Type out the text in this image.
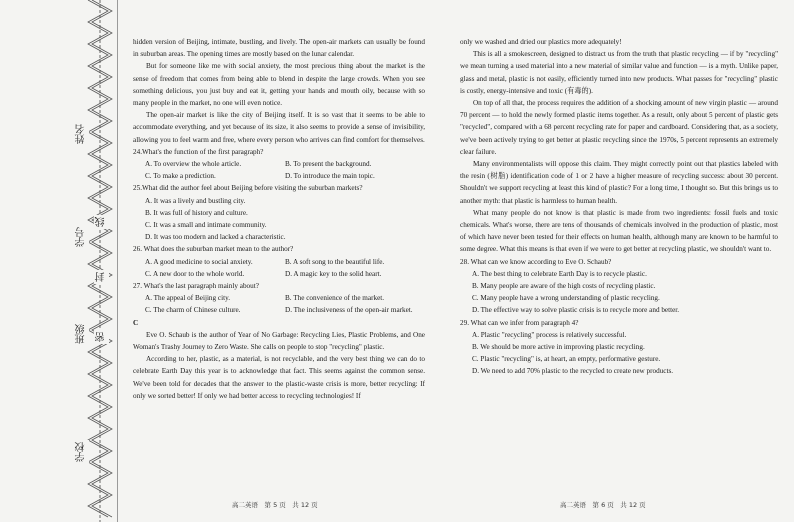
姓名
学号
班级
学校
线
封
密

hidden version of Beijing, intimate, bustling, and lively. The open-air markets can usually be found in suburban areas. The opening times are mostly based on the lunar calendar.

But for someone like me with social anxiety, the most precious thing about the market is the sense of freedom that comes from being able to blend in despite the large crowds. When you see something delicious, you just buy and eat it, getting your hands and mouth oily, because with so many people in the market, no one will even notice.

The open-air market is like the city of Beijing itself. It is so vast that it seems to be able to accommodate everything, and yet because of its size, it also seems to provide a sense of invisibility, allowing you to feel warm and free, where every person who arrives can find comfort for themselves.

24.What's the function of the first paragraph?

A. To overview the whole article.	B. To present the background.
C. To make a prediction.	D. To introduce the main topic.

25.What did the author feel about Beijing before visiting the suburban markets?

A. It was a lively and bustling city.

B. It was full of history and culture.

C. It was a small and intimate community.

D. It was too modern and lacked a characteristic.

26. What does the suburban market mean to the author?

A. A good medicine to social anxiety.	B. A soft song to the beautiful life.
C. A new door to the whole world.	D. A magic key to the solid heart.

27. What's the last paragraph mainly about?

A. The appeal of Beijing city.	B. The convenience of the market.
C. The charm of Chinese culture.	D. The inclusiveness of the open-air market.

C

Eve O. Schaub is the author of Year of No Garbage: Recycling Lies, Plastic Problems, and One Woman's Trashy Journey to Zero Waste. She calls on people to stop "recycling" plastic.

According to her, plastic, as a material, is not recyclable, and the very best thing we can do to celebrate Earth Day this year is to acknowledge that fact. This seems against the common sense. We've been told for decades that the answer to the plastic-waste crisis is more, better recycling: If only we sorted better! If only we had better access to recycling technologies! If

only we washed and dried our plastics more adequately!

This is all a smokescreen, designed to distract us from the truth that plastic recycling — if by "recycling" we mean turning a used material into a new material of similar value and function — is a myth. Unlike paper, glass and metal, plastic is not easily, efficiently turned into new products. What passes for "recycling" plastic is costly, energy-intensive and toxic (有毒的).

On top of all that, the process requires the addition of a shocking amount of new virgin plastic — around 70 percent — to hold the newly formed plastic items together. As a result, only about 5 percent of plastic gets "recycled", compared with a 68 percent recycling rate for paper and cardboard. Considering that, as a society, we've been actively trying to get better at plastic recycling since the 1970s, 5 percent represents an extremely clear failure.

Many environmentalists will oppose this claim. They might correctly point out that plastics labeled with the resin (树脂) identification code of 1 or 2 have a higher measure of recycling success: about 30 percent. Shouldn't we support recycling at least this kind of plastic? For a long time, I thought so. But this brings us to another myth: that plastic is harmless to human health.

What many people do not know is that plastic is made from two ingredients: fossil fuels and toxic chemicals. What's worse, there are tens of thousands of chemicals involved in the production of plastic, most of which have never been tested for their effects on human health, although many are known to be harmful to some degree. What this means is that even if we were to get better at recycling plastic, we shouldn't want to.

28. What can we know according to Eve O. Schaub?

A. The best thing to celebrate Earth Day is to recycle plastic.

B. Many people are aware of the high costs of recycling plastic.

C. Many people have a wrong understanding of plastic recycling.

D. The effective way to solve plastic crisis is to recycle more and better.

29. What can we infer from paragraph 4?

A. Plastic "recycling" process is relatively successful.

B. We should be more active in improving plastic recycling.

C. Plastic "recycling" is, at heart, an empty, performative gesture.

D. We need to add 70% plastic to the recycled to create new products.

高二英语　第 5 页　共 12 页	高二英语　第 6 页　共 12 页
